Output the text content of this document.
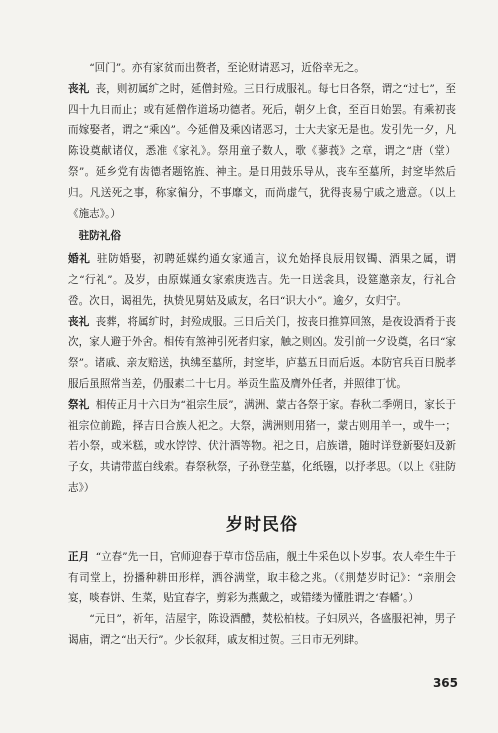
“回门”。亦有家贫而出赘者，至论财请恶习，近俗幸无之。

丧礼 丧，则初属纩之时，延僧封殓。三日行成服礼。每七日各祭，谓之“过七”，至四十九日而止；或有延僧作道场功德者。死后，朝夕上食，至百日始罢。有乘初丧而嫁娶者，谓之“乘凶”。今延僧及乘凶诸恶习，士大夫家无是也。发引先一夕，凡陈设奠献诸仪，悉准《家礼》。祭用童子数人，歌《蓼莪》之章，谓之“唐（堂）祭”。延乡党有齿德者题铭旌、神主。是日用鼓乐导从，丧车至墓所，封窆毕然后归。凡送死之事，称家徧分，不事靡文，而尚虚气，犹得丧易宁戚之遗意。（以上《施志》。）

驻防礼俗

婚礼 驻防婚娶，初聘延媒约通女家通言，议允始择良辰用钗镯、酒果之属，谓之“行礼”。及岁，由原媒通女家索庚选吉。先一日送衾具，设筵邀亲友，行礼合卺。次日，谒祖先，执贽见舅姑及戚友，名曰“识大小”。逾夕，女归宁。

丧礼 丧葬，将属纩时，封殓成服。三日后关门，按丧日推算回煞，是夜设酒肴于丧次，家人避于外舍。相传有煞神引死者归家，触之则凶。发引前一夕设奠，名曰“家祭”。诸戚、亲友赔送，执绋至墓所，封窆毕，庐墓五日而后返。本防官兵百日脱孝服后虽照常当差，仍服素二十七月。举贡生监及膺外任者，并照律丁忧。

祭礼 相传正月十六日为“祖宗生辰”，满洲、蒙古各祭于家。春秋二季朔日，家长于祖宗位前跪，择吉日合族人祀之。大祭，满洲则用猪一，蒙古则用羊一，或牛一；若小祭，或米糕，或水饽饽、伏汁酒等物。祀之日，启族谱，随时详登新娶妇及新子女，共请带蓝白线索。春祭秋祭，子孙登茔墓，化纸镪，以抒孝思。（以上《驻防志》）

岁时民俗

正月 “立春”先一日，官师迎春于草市岱岳庙，舰土牛采色以卜岁事。农人牵生牛于有司堂上，扮播种耕田形样，洒谷满堂，取丰稔之兆。（《荆楚岁时记》：“亲朋会宴，啖春饼、生菜，贴宜春字，剪彩为燕戴之，或错缕为懂胜谓之‘春幡’。）

“元日”，祈年，洁屋宇，陈设酒醴，焚松柏枝。子妇夙兴，各盛服祀神，男子谒庙，谓之“出天行”。少长叙拜，戚友相过贺。三日市无列肆。

365
